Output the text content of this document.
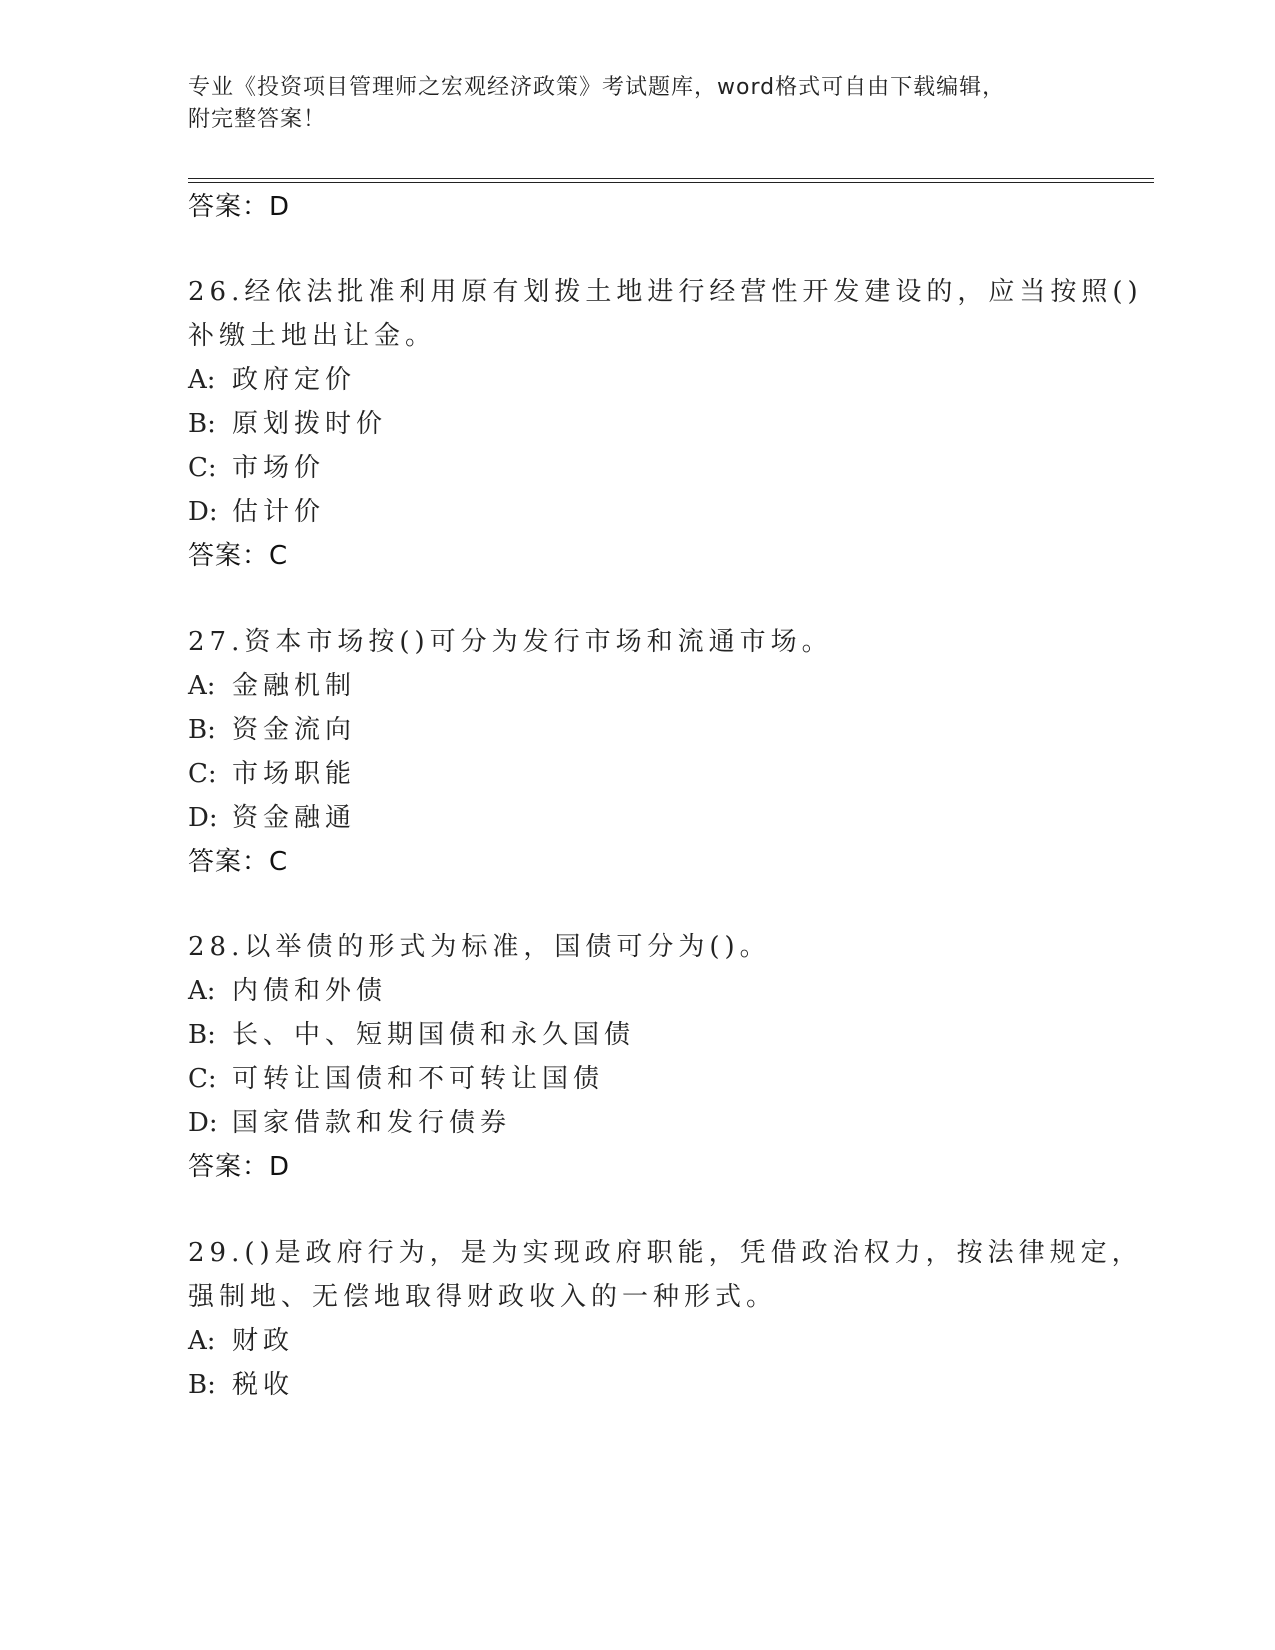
专业《投资项目管理师之宏观经济政策》考试题库，word格式可自由下载编辑，
附完整答案！
答案：D
26.经依法批准利用原有划拨土地进行经营性开发建设的，应当按照()
补缴土地出让金。
A: 政府定价
B: 原划拨时价
C: 市场价
D: 估计价
答案：C
27.资本市场按()可分为发行市场和流通市场。
A: 金融机制
B: 资金流向
C: 市场职能
D: 资金融通
答案：C
28.以举债的形式为标准，国债可分为()。
A: 内债和外债
B: 长、中、短期国债和永久国债
C: 可转让国债和不可转让国债
D: 国家借款和发行债券
答案：D
29.()是政府行为，是为实现政府职能，凭借政治权力，按法律规定，
强制地、无偿地取得财政收入的一种形式。
A: 财政
B: 税收
